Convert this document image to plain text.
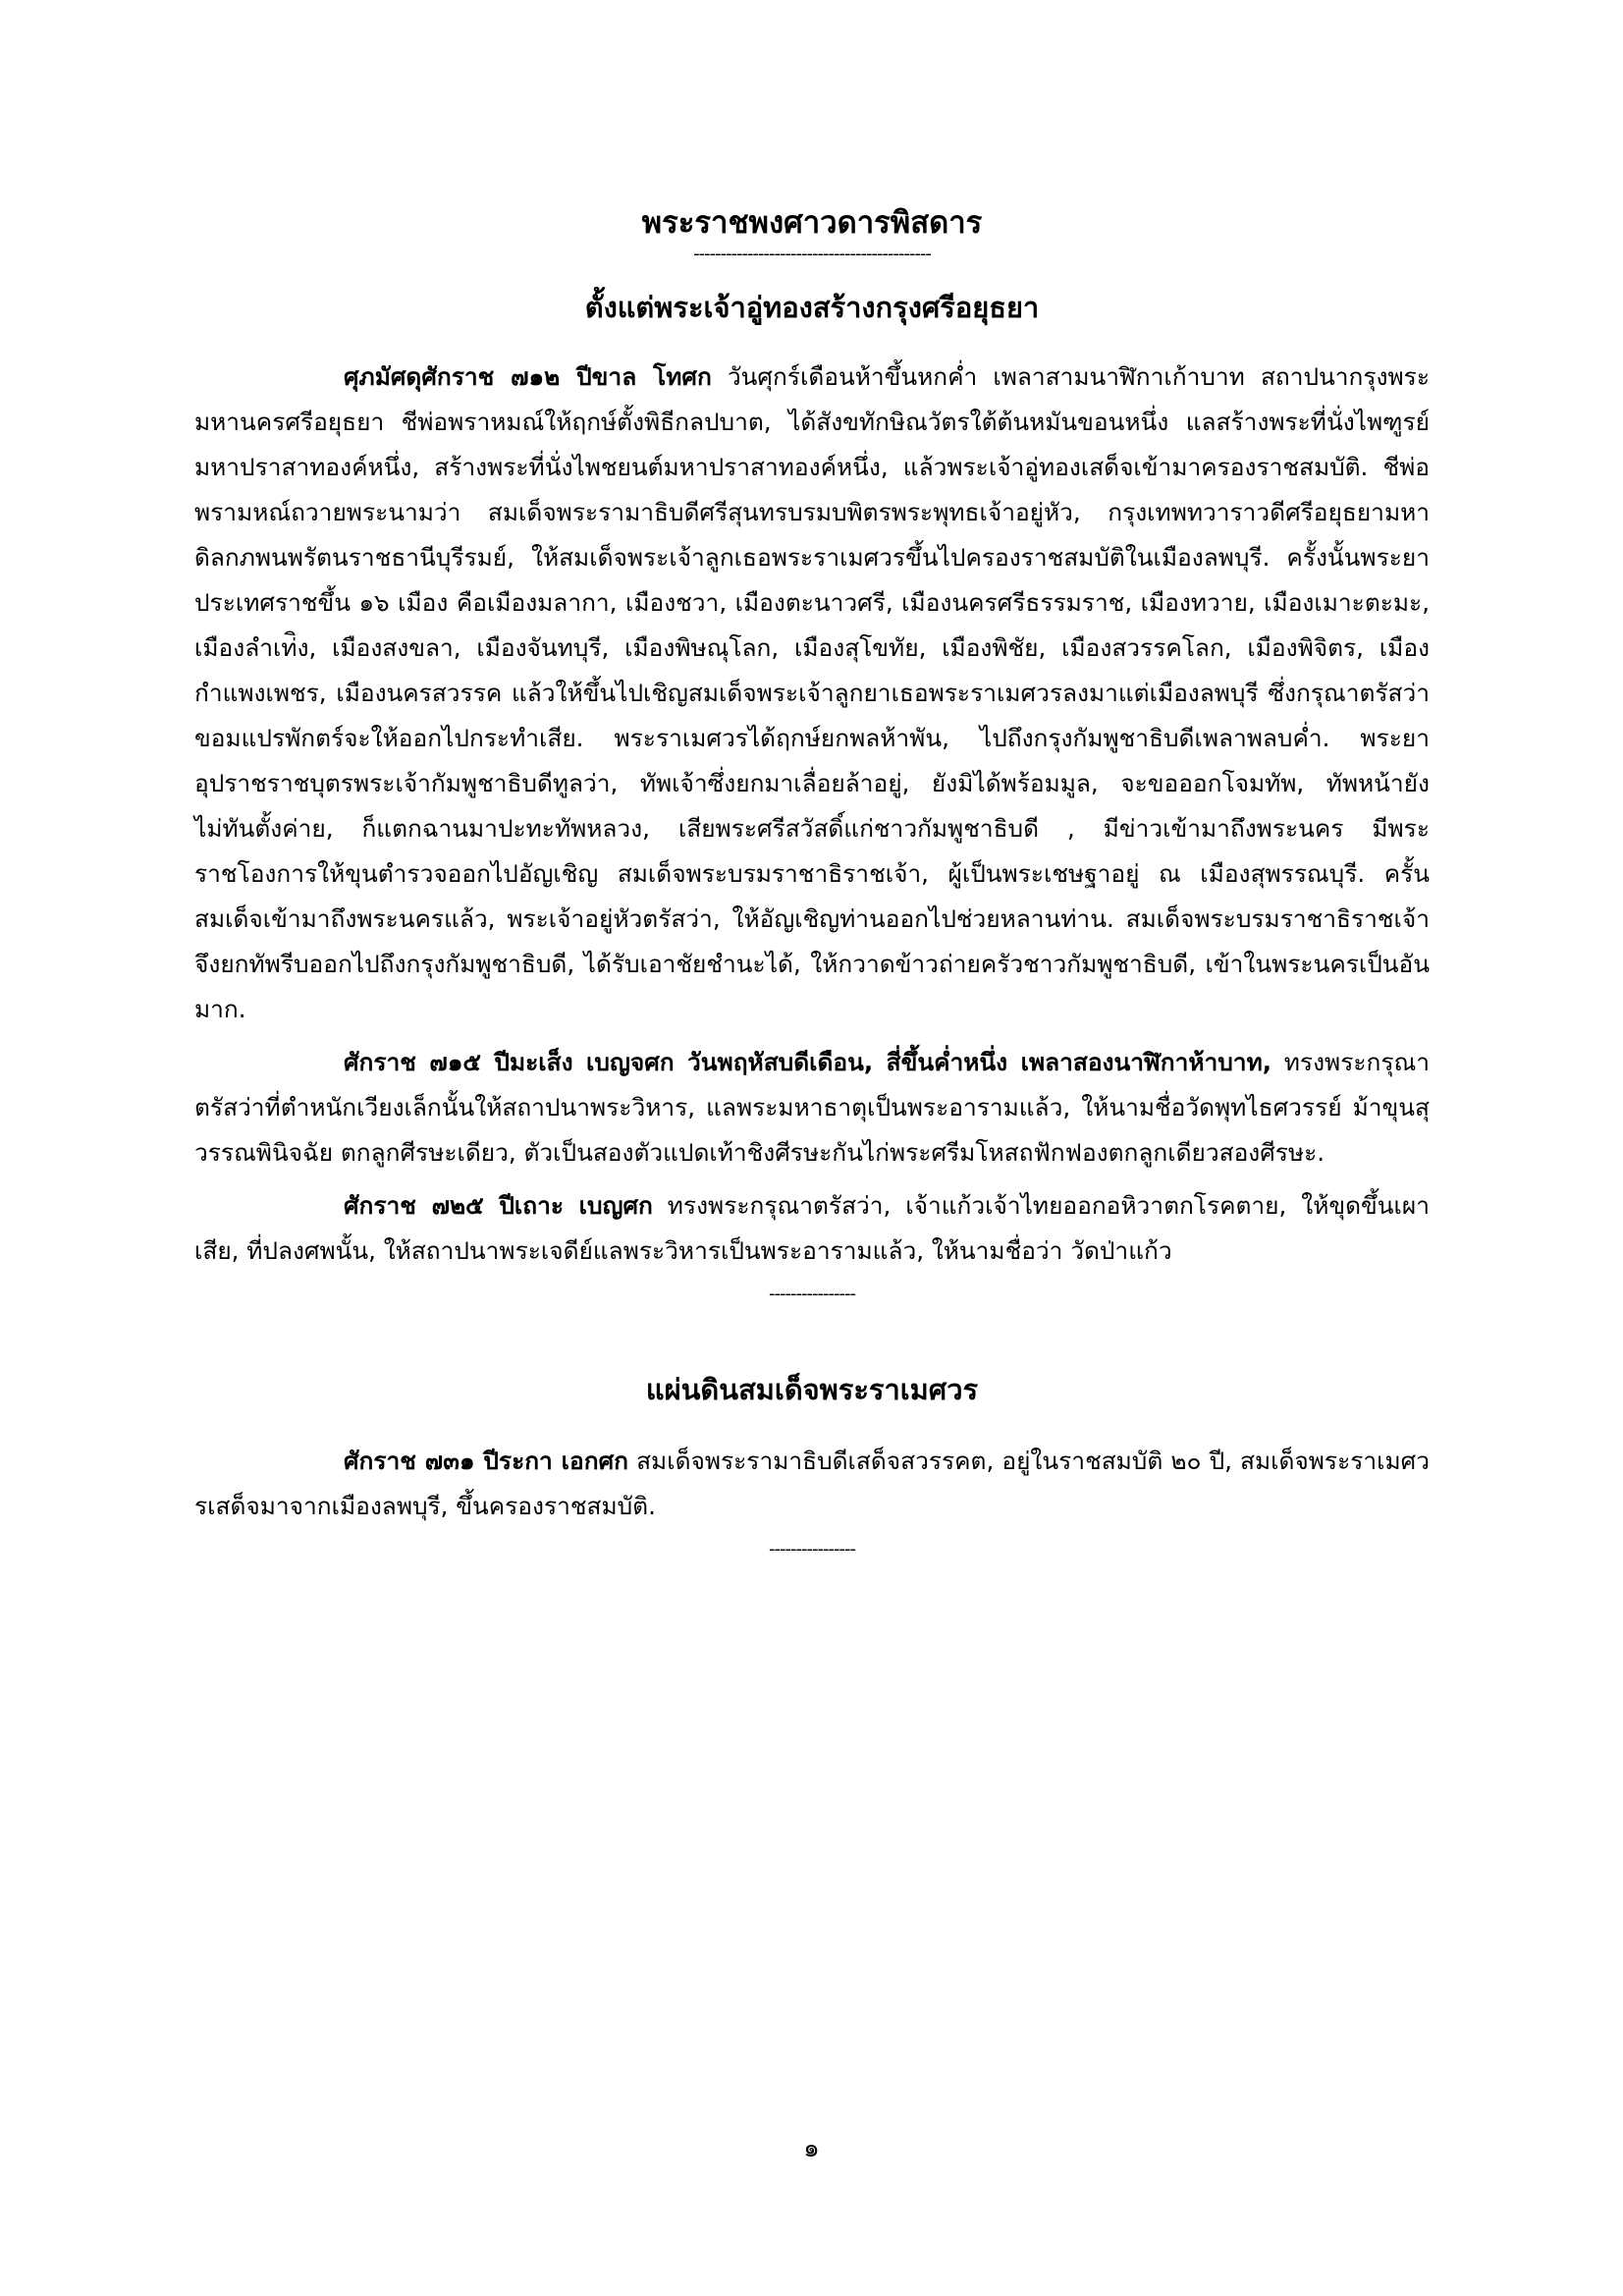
พระราชพงศาวดารพิสดาร

--------------------------------------------

ตั้งแต่พระเจ้าอู่ทองสร้างกรุงศรีอยุธยา

ศุภมัศดุศักราช ๗๑๒ ปีขาล โทศก วันศุกร์เดือนห้าขึ้นหกค่ำ เพลาสามนาฬิกาเก้าบาท สถาปนากรุงพระมหานครศรีอยุธยา ชีพ่อพราหมณ์ให้ฤกษ์ตั้งพิธีกลปบาต, ได้สังขทักษิณวัตรใต้ต้นหมันขอนหนึ่ง แลสร้างพระที่นั่งไพฑูรย์มหาปราสาทองค์หนึ่ง, สร้างพระที่นั่งไพชยนต์มหาปราสาทองค์หนึ่ง, แล้วพระเจ้าอู่ทองเสด็จเข้ามาครองราชสมบัติ. ชีพ่อพรามหณ์ถวายพระนามว่า สมเด็จพระรามาธิบดีศรีสุนทรบรมบพิตรพระพุทธเจ้าอยู่หัว, กรุงเทพทวาราวดีศรีอยุธยามหาดิลกภพนพรัตนราชธานีบุรีรมย์, ให้สมเด็จพระเจ้าลูกเธอพระราเมศวรขึ้นไปครองราชสมบัติในเมืองลพบุรี. ครั้งนั้นพระยาประเทศราชขึ้น ๑๖ เมือง คือเมืองมลากา, เมืองชวา, เมืองตะนาวศรี, เมืองนครศรีธรรมราช, เมืองทวาย, เมืองเมาะตะมะ, เมืองลำเท่ิง, เมืองสงขลา, เมืองจันทบุรี, เมืองพิษณุโลก, เมืองสุโขทัย, เมืองพิชัย, เมืองสวรรคโลก, เมืองพิจิตร, เมืองกำแพงเพชร, เมืองนครสวรรค แล้วให้ขึ้นไปเชิญสมเด็จพระเจ้าลูกยาเธอพระราเมศวรลงมาแต่เมืองลพบุรี ซึ่งกรุณาตรัสว่าขอมแปรพักตร์จะให้ออกไปกระทำเสีย. พระราเมศวรได้ฤกษ์ยกพลห้าพัน, ไปถึงกรุงกัมพูชาธิบดีเพลาพลบค่ำ. พระยาอุปราชราชบุตรพระเจ้ากัมพูชาธิบดีทูลว่า, ทัพเจ้าซึ่งยกมาเลื่อยล้าอยู่, ยังมิได้พร้อมมูล, จะขอออกโจมทัพ, ทัพหน้ายังไม่ทันตั้งค่าย, ก็แตกฉานมาปะทะทัพหลวง, เสียพระศรีสวัสดิ์แก่ชาวกัมพูชาธิบดี , มีข่าวเข้ามาถึงพระนคร มีพระราชโองการให้ขุนตำรวจออกไปอัญเชิญ สมเด็จพระบรมราชาธิราชเจ้า, ผู้เป็นพระเชษฐาอยู่ ณ เมืองสุพรรณบุรี. ครั้นสมเด็จเข้ามาถึงพระนครแล้ว, พระเจ้าอยู่หัวตรัสว่า, ให้อัญเชิญท่านออกไปช่วยหลานท่าน. สมเด็จพระบรมราชาธิราชเจ้า จึงยกทัพรีบออกไปถึงกรุงกัมพูชาธิบดี, ได้รับเอาชัยชำนะได้, ให้กวาดข้าวถ่ายครัวชาวกัมพูชาธิบดี, เข้าในพระนครเป็นอันมาก.

ศักราช ๗๑๕ ปีมะเส็ง เบญจศก วันพฤหัสบดีเดือน, สี่ขึ้นค่ำหนึ่ง เพลาสองนาฬิกาห้าบาท, ทรงพระกรุณาตรัสว่าที่ตำหนักเวียงเล็กนั้นให้สถาปนาพระวิหาร, แลพระมหาธาตุเป็นพระอารามแล้ว, ให้นามชื่อวัดพุทไธศวรรย์ ม้าขุนสุวรรณพินิจฉัย ตกลูกศีรษะเดียว, ตัวเป็นสองตัวแปดเท้าชิงศีรษะกันไก่พระศรีมโหสถฟักฟองตกลูกเดียวสองศีรษะ.

ศักราช ๗๒๕ ปีเถาะ เบญศก ทรงพระกรุณาตรัสว่า, เจ้าแก้วเจ้าไทยออกอหิวาตกโรคตาย, ให้ขุดขึ้นเผาเสีย, ที่ปลงศพนั้น, ให้สถาปนาพระเจดีย์แลพระวิหารเป็นพระอารามแล้ว, ให้นามชื่อว่า วัดป่าแก้ว

----------------

แผ่นดินสมเด็จพระราเมศวร

ศักราช ๗๓๑ ปีระกา เอกศก สมเด็จพระรามาธิบดีเสด็จสวรรคต, อยู่ในราชสมบัติ ๒๐ ปี, สมเด็จพระราเมศวรเสด็จมาจากเมืองลพบุรี, ขึ้นครองราชสมบัติ.

----------------

๑
